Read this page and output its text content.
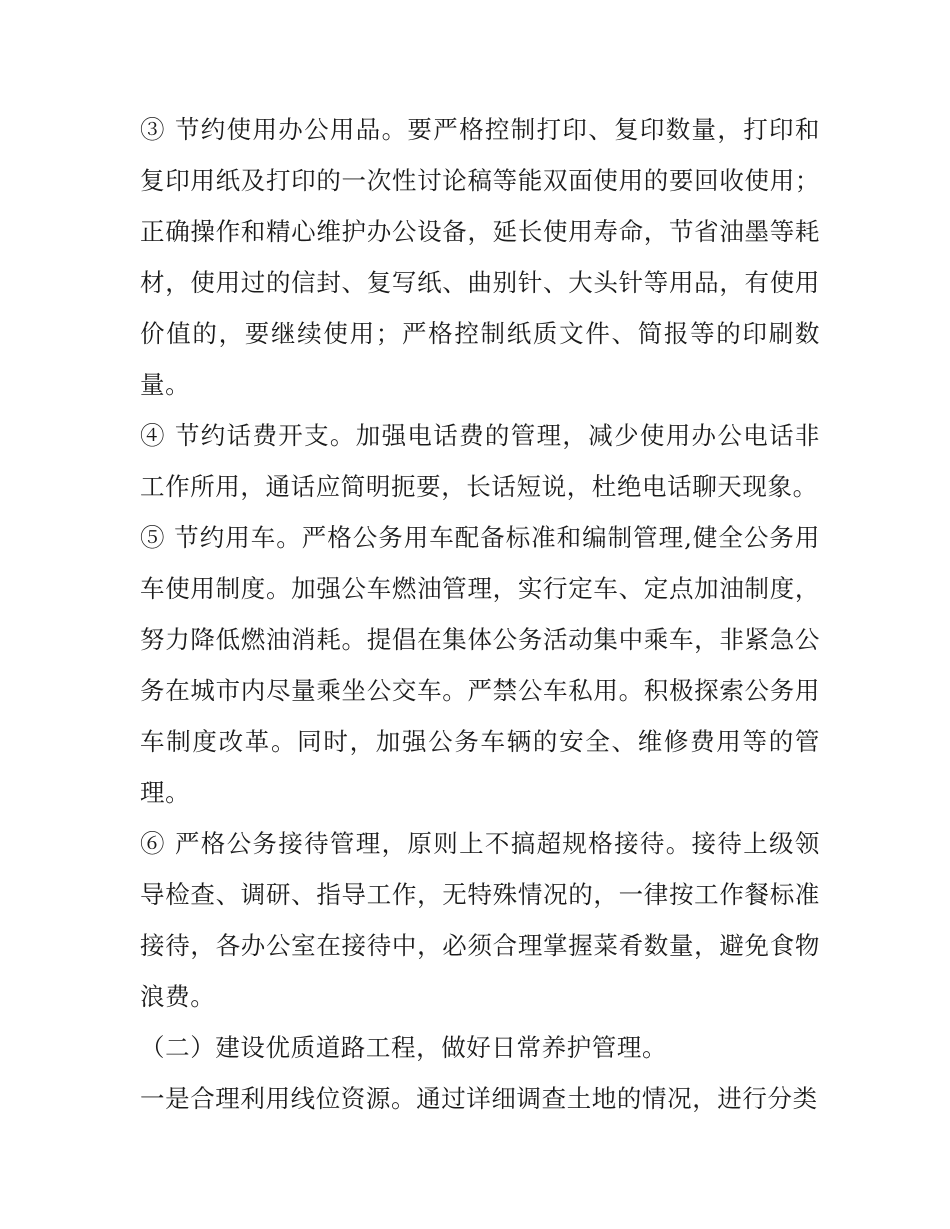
③ 节约使用办公用品。要严格控制打印、复印数量，打印和复印用纸及打印的一次性讨论稿等能双面使用的要回收使用；正确操作和精心维护办公设备，延长使用寿命，节省油墨等耗材，使用过的信封、复写纸、曲别针、大头针等用品，有使用价值的，要继续使用；严格控制纸质文件、简报等的印刷数量。

④ 节约话费开支。加强电话费的管理，减少使用办公电话非工作所用，通话应简明扼要，长话短说，杜绝电话聊天现象。

⑤ 节约用车。严格公务用车配备标准和编制管理,健全公务用车使用制度。加强公车燃油管理，实行定车、定点加油制度，努力降低燃油消耗。提倡在集体公务活动集中乘车，非紧急公务在城市内尽量乘坐公交车。严禁公车私用。积极探索公务用车制度改革。同时，加强公务车辆的安全、维修费用等的管理。

⑥ 严格公务接待管理，原则上不搞超规格接待。接待上级领导检查、调研、指导工作，无特殊情况的，一律按工作餐标准接待，各办公室在接待中，必须合理掌握菜肴数量，避免食物浪费。

（二）建设优质道路工程，做好日常养护管理。

一是合理利用线位资源。通过详细调查土地的情况，进行分类
